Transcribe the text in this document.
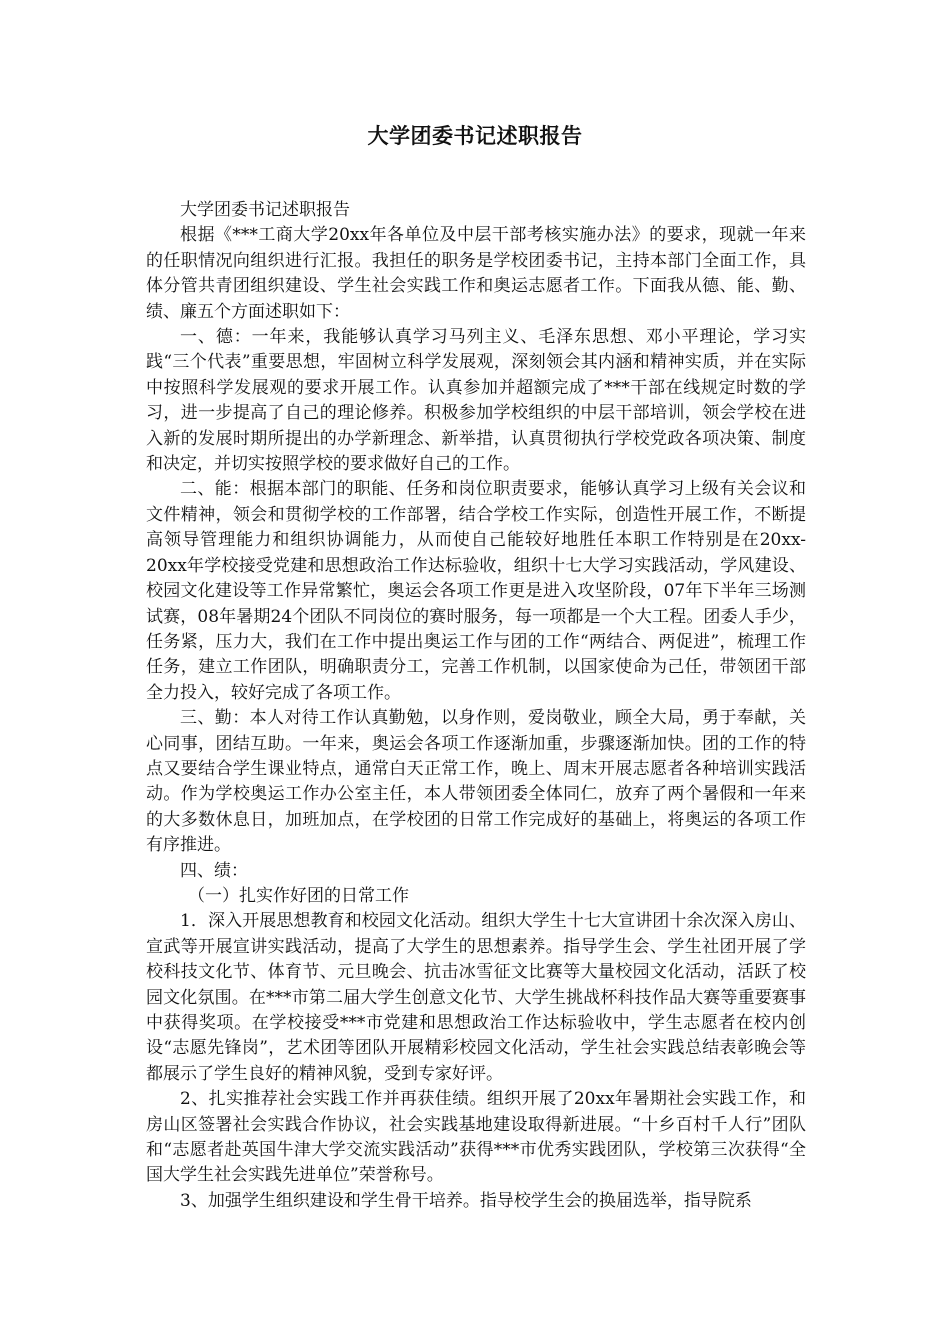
大学团委书记述职报告

大学团委书记述职报告

根据《***工商大学20xx年各单位及中层干部考核实施办法》的要求，现就一年来的任职情况向组织进行汇报。我担任的职务是学校团委书记，主持本部门全面工作，具体分管共青团组织建设、学生社会实践工作和奥运志愿者工作。下面我从德、能、勤、绩、廉五个方面述职如下：

一、德：一年来，我能够认真学习马列主义、毛泽东思想、邓小平理论，学习实践“三个代表”重要思想，牢固树立科学发展观，深刻领会其内涵和精神实质，并在实际中按照科学发展观的要求开展工作。认真参加并超额完成了***干部在线规定时数的学习，进一步提高了自己的理论修养。积极参加学校组织的中层干部培训，领会学校在进入新的发展时期所提出的办学新理念、新举措，认真贯彻执行学校党政各项决策、制度和决定，并切实按照学校的要求做好自己的工作。

二、能：根据本部门的职能、任务和岗位职责要求，能够认真学习上级有关会议和文件精神，领会和贯彻学校的工作部署，结合学校工作实际，创造性开展工作，不断提高领导管理能力和组织协调能力，从而使自己能较好地胜任本职工作特别是在20xx-20xx年学校接受党建和思想政治工作达标验收，组织十七大学习实践活动，学风建设、校园文化建设等工作异常繁忙，奥运会各项工作更是进入攻坚阶段，07年下半年三场测试赛，08年暑期24个团队不同岗位的赛时服务，每一项都是一个大工程。团委人手少，任务紧，压力大，我们在工作中提出奥运工作与团的工作“两结合、两促进”，梳理工作任务，建立工作团队，明确职责分工，完善工作机制，以国家使命为己任，带领团干部全力投入，较好完成了各项工作。

三、勤：本人对待工作认真勤勉，以身作则，爱岗敬业，顾全大局，勇于奉献，关心同事，团结互助。一年来，奥运会各项工作逐渐加重，步骤逐渐加快。团的工作的特点又要结合学生课业特点，通常白天正常工作，晚上、周末开展志愿者各种培训实践活动。作为学校奥运工作办公室主任，本人带领团委全体同仁，放弃了两个暑假和一年来的大多数休息日，加班加点，在学校团的日常工作完成好的基础上，将奥运的各项工作有序推进。

四、绩：

（一）扎实作好团的日常工作

1．深入开展思想教育和校园文化活动。组织大学生十七大宣讲团十余次深入房山、宣武等开展宣讲实践活动，提高了大学生的思想素养。指导学生会、学生社团开展了学校科技文化节、体育节、元旦晚会、抗击冰雪征文比赛等大量校园文化活动，活跃了校园文化氛围。在***市第二届大学生创意文化节、大学生挑战杯科技作品大赛等重要赛事中获得奖项。在学校接受***市党建和思想政治工作达标验收中，学生志愿者在校内创设“志愿先锋岗”，艺术团等团队开展精彩校园文化活动，学生社会实践总结表彰晚会等都展示了学生良好的精神风貌，受到专家好评。

2、扎实推荐社会实践工作并再获佳绩。组织开展了20xx年暑期社会实践工作，和房山区签署社会实践合作协议，社会实践基地建设取得新进展。“十乡百村千人行”团队和“志愿者赴英国牛津大学交流实践活动”获得***市优秀实践团队，学校第三次获得“全国大学生社会实践先进单位”荣誉称号。

3、加强学生组织建设和学生骨干培养。指导校学生会的换届选举，指导院系
